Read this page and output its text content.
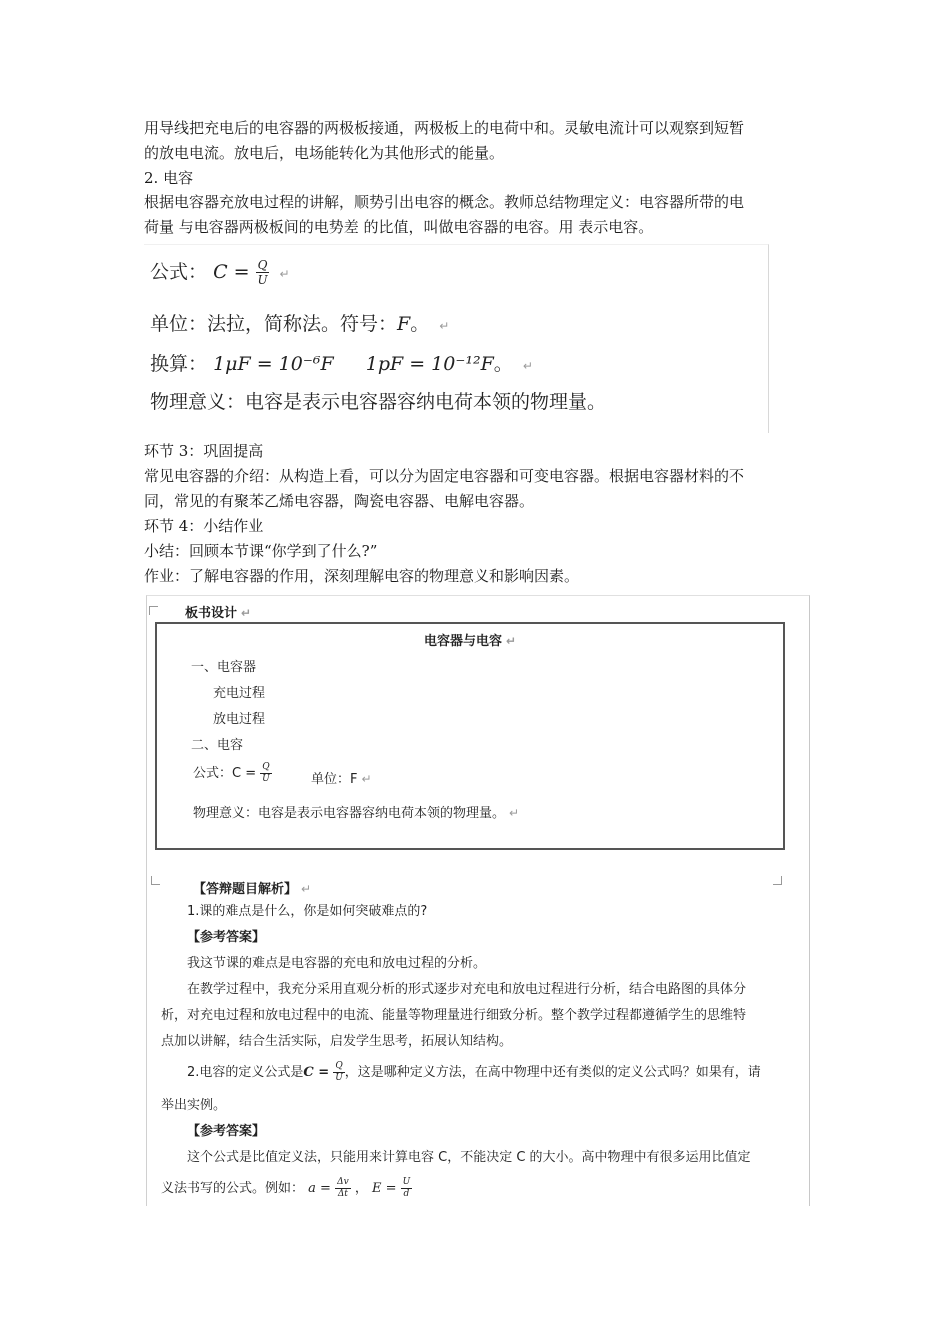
用导线把充电后的电容器的两极板接通，两极板上的电荷中和。灵敏电流计可以观察到短暂
的放电电流。放电后，电场能转化为其他形式的能量。
2. 电容
根据电容器充放电过程的讲解，顺势引出电容的概念。教师总结物理定义：电容器所带的电
荷量 与电容器两极板间的电势差 的比值，叫做电容器的电容。用 表示电容。
公式： $C = \frac{Q}{U}$ ↵
单位：法拉，简称法。符号：F。 ↵
换算： 1μF = 10⁻⁶F 1pF = 10⁻¹²F。 ↵
物理意义：电容是表示电容器容纳电荷本领的物理量。
环节 3：巩固提高
常见电容器的介绍：从构造上看，可以分为固定电容器和可变电容器。根据电容器材料的不
同，常见的有聚苯乙烯电容器，陶瓷电容器、电解电容器。
环节 4：小结作业
小结：回顾本节课“你学到了什么?”
作业：了解电容器的作用，深刻理解电容的物理意义和影响因素。
板书设计 ↵
电容器与电容 ↵
一、电容器
充电过程
放电过程
二、电容
公式：$C = \frac{Q}{U}$	单位：F ↵
物理意义：电容是表示电容器容纳电荷本领的物理量。 ↵
【答辩题目解析】 ↵
1.课的难点是什么，你是如何突破难点的?
【参考答案】
我这节课的难点是电容器的充电和放电过程的分析。
在教学过程中，我充分采用直观分析的形式逐步对充电和放电过程进行分析，结合电路图的具体分
析，对充电过程和放电过程中的电流、能量等物理量进行细致分析。整个教学过程都遵循学生的思维特
点加以讲解，结合生活实际，启发学生思考，拓展认知结构。
2.电容的定义公式是$C = \frac{Q}{U}$ ，这是哪种定义方法，在高中物理中还有类似的定义公式吗？如果有，请
举出实例。
【参考答案】
这个公式是比值定义法，只能用来计算电容 C，不能决定 C 的大小。高中物理中有很多运用比值定
义法书写的公式。例如： $a = \frac{\Delta v}{\Delta t}$ ， $E = \frac{U}{d}$
